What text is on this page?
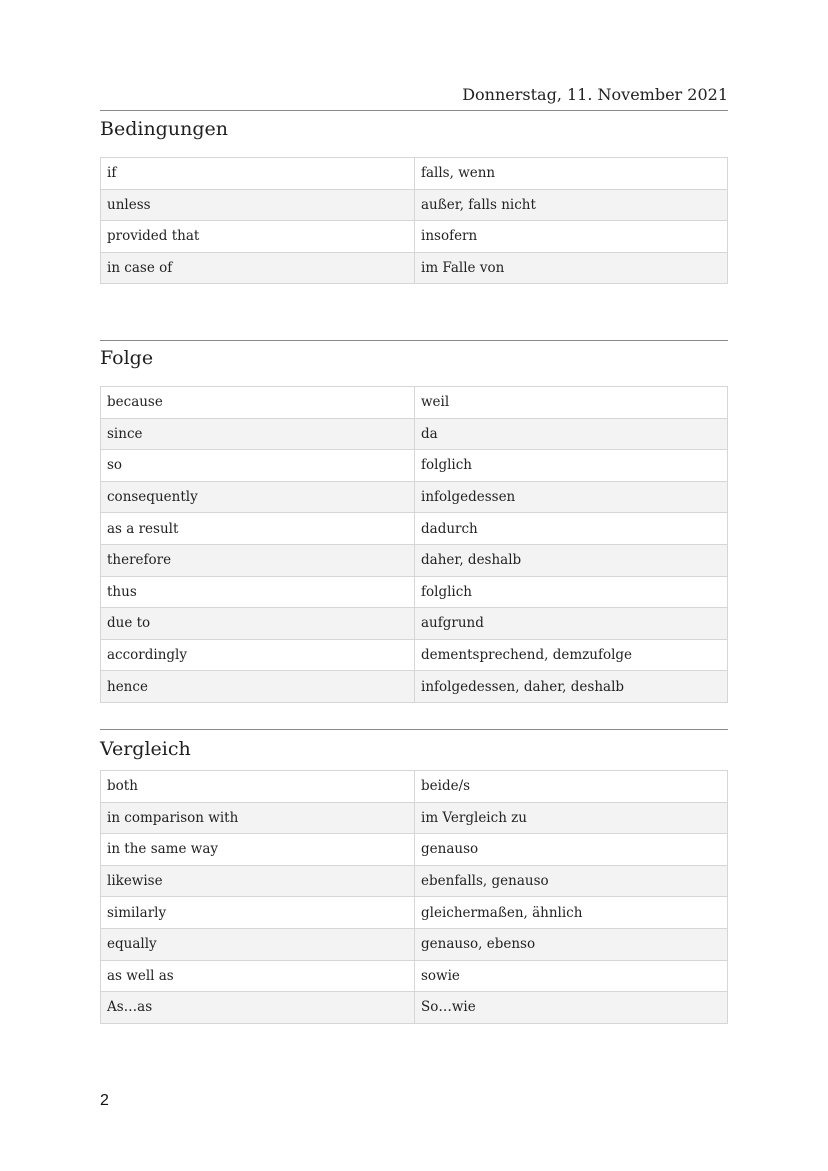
Donnerstag, 11. November 2021
Bedingungen
if	falls, wenn
unless	außer, falls nicht
provided that	insofern
in case of	im Falle von
Folge
because	weil
since	da
so	folglich
consequently	infolgedessen
as a result	dadurch
therefore	daher, deshalb
thus	folglich
due to	aufgrund
accordingly	dementsprechend, demzufolge
hence	infolgedessen, daher, deshalb
Vergleich
both	beide/s
in comparison with	im Vergleich zu
in the same way	genauso
likewise	ebenfalls, genauso
similarly	gleichermaßen, ähnlich
equally	genauso, ebenso
as well as	sowie
As…as	So…wie
2
